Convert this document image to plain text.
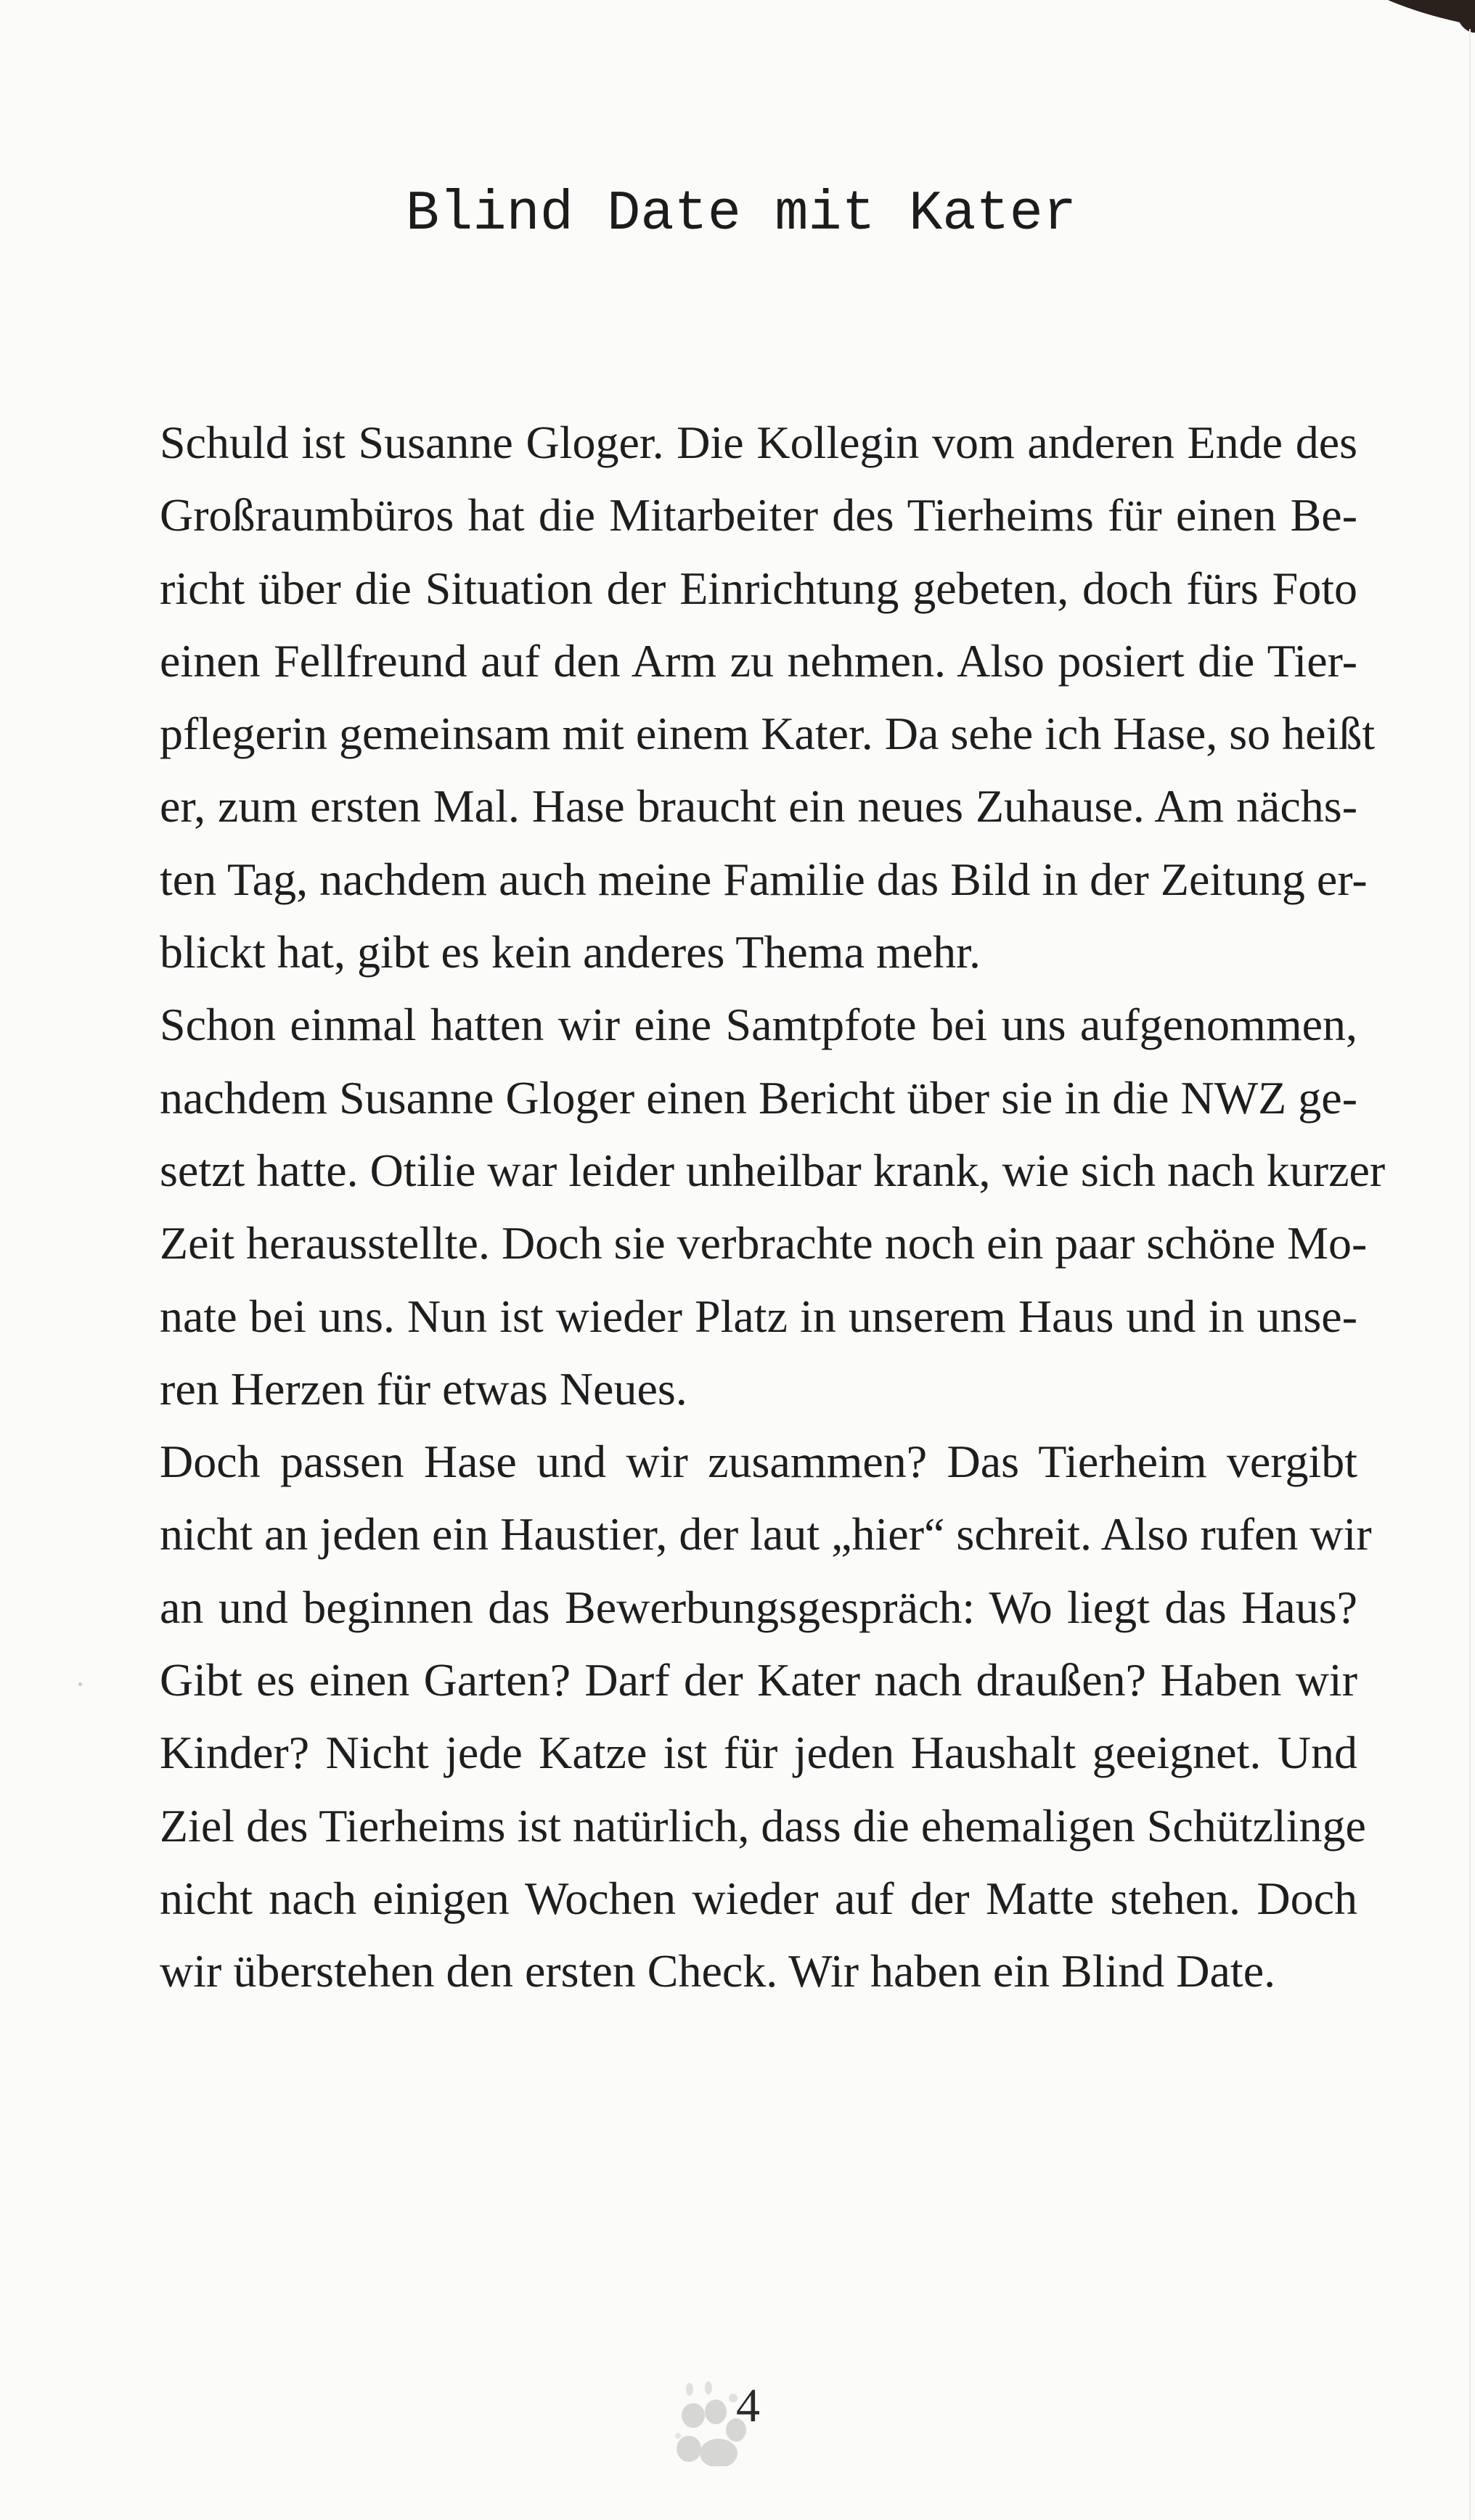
Blind Date mit Kater

Schuld ist Susanne Gloger. Die Kollegin vom anderen Ende des
Großraumbüros hat die Mitarbeiter des Tierheims für einen Be-
richt über die Situation der Einrichtung gebeten, doch fürs Foto
einen Fellfreund auf den Arm zu nehmen. Also posiert die Tier-
pflegerin gemeinsam mit einem Kater. Da sehe ich Hase, so heißt
er, zum ersten Mal. Hase braucht ein neues Zuhause. Am nächs-
ten Tag, nachdem auch meine Familie das Bild in der Zeitung er-
blickt hat, gibt es kein anderes Thema mehr.

Schon einmal hatten wir eine Samtpfote bei uns aufgenommen,
nachdem Susanne Gloger einen Bericht über sie in die NWZ ge-
setzt hatte. Otilie war leider unheilbar krank, wie sich nach kurzer
Zeit herausstellte. Doch sie verbrachte noch ein paar schöne Mo-
nate bei uns. Nun ist wieder Platz in unserem Haus und in unse-
ren Herzen für etwas Neues.

Doch passen Hase und wir zusammen? Das Tierheim vergibt
nicht an jeden ein Haustier, der laut „hier“ schreit. Also rufen wir
an und beginnen das Bewerbungsgespräch: Wo liegt das Haus?
Gibt es einen Garten? Darf der Kater nach draußen? Haben wir
Kinder? Nicht jede Katze ist für jeden Haushalt geeignet. Und
Ziel des Tierheims ist natürlich, dass die ehemaligen Schützlinge
nicht nach einigen Wochen wieder auf der Matte stehen. Doch
wir überstehen den ersten Check. Wir haben ein Blind Date.

4
